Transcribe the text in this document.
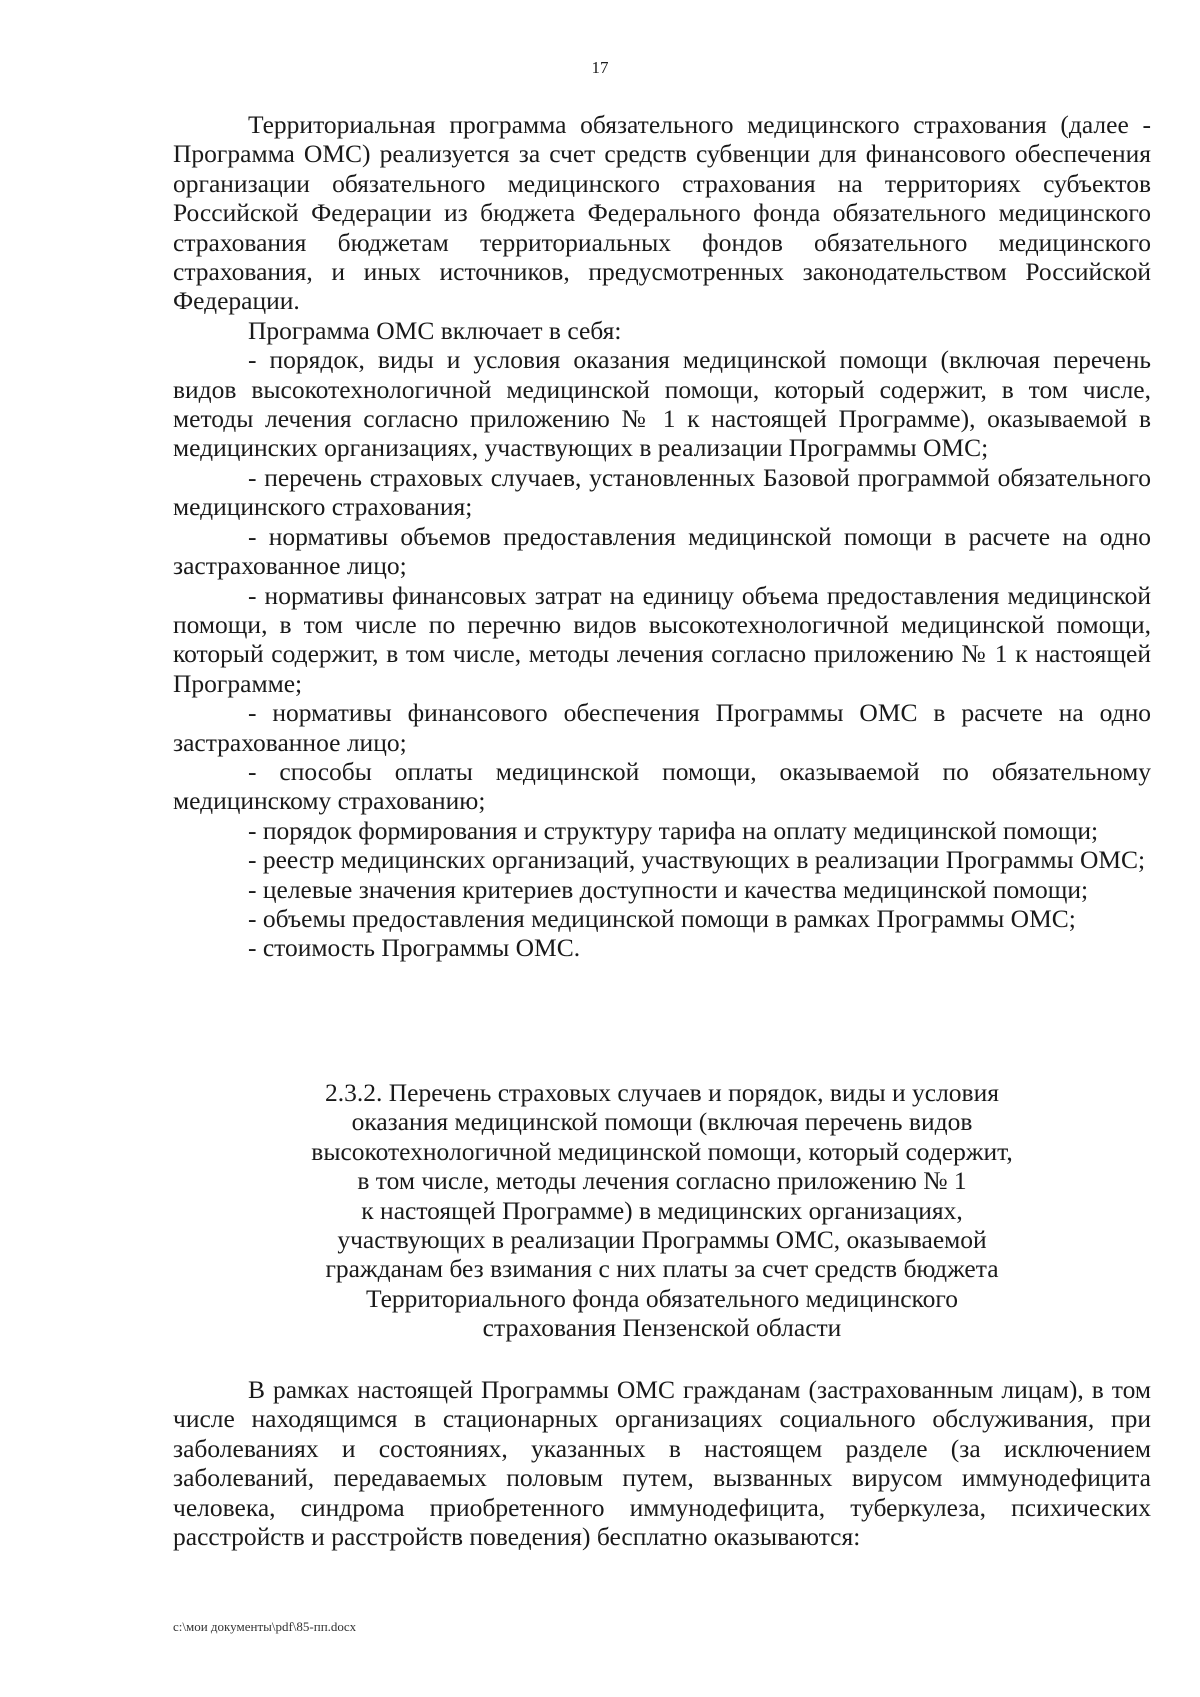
17

Территориальная программа обязательного медицинского страхования (далее - Программа ОМС) реализуется за счет средств субвенции для финансового обеспечения организации обязательного медицинского страхования на территориях субъектов Российской Федерации из бюджета Федерального фонда обязательного медицинского страхования бюджетам территориальных фондов обязательного медицинского страхования, и иных источников, предусмотренных законодательством Российской Федерации.

Программа ОМС включает в себя:

- порядок, виды и условия оказания медицинской помощи (включая перечень видов высокотехнологичной медицинской помощи, который содержит, в том числе, методы лечения согласно приложению № 1 к настоящей Программе), оказываемой в медицинских организациях, участвующих в реализации Программы ОМС;

- перечень страховых случаев, установленных Базовой программой обязательного медицинского страхования;

- нормативы объемов предоставления медицинской помощи в расчете на одно застрахованное лицо;

- нормативы финансовых затрат на единицу объема предоставления медицинской помощи, в том числе по перечню видов высокотехнологичной медицинской помощи, который содержит, в том числе, методы лечения согласно приложению № 1 к настоящей Программе;

- нормативы финансового обеспечения Программы ОМС в расчете на одно застрахованное лицо;

- способы оплаты медицинской помощи, оказываемой по обязательному медицинскому страхованию;

- порядок формирования и структуру тарифа на оплату медицинской помощи;

- реестр медицинских организаций, участвующих в реализации Программы ОМС;

- целевые значения критериев доступности и качества медицинской помощи;

- объемы предоставления медицинской помощи в рамках Программы ОМС;

- стоимость Программы ОМС.

2.3.2. Перечень страховых случаев и порядок, виды и условия
оказания медицинской помощи (включая перечень видов
высокотехнологичной медицинской помощи, который содержит,
в том числе, методы лечения согласно приложению № 1
к настоящей Программе) в медицинских организациях,
участвующих в реализации Программы ОМС, оказываемой
гражданам без взимания с них платы за счет средств бюджета
Территориального фонда обязательного медицинского
страхования Пензенской области

В рамках настоящей Программы ОМС гражданам (застрахованным лицам), в том числе находящимся в стационарных организациях социального обслуживания, при заболеваниях и состояниях, указанных в настоящем разделе (за исключением заболеваний, передаваемых половым путем, вызванных вирусом иммунодефицита человека, синдрома приобретенного иммунодефицита, туберкулеза, психических расстройств и расстройств поведения) бесплатно оказываются:

c:\мои документы\pdf\85-пп.docx
